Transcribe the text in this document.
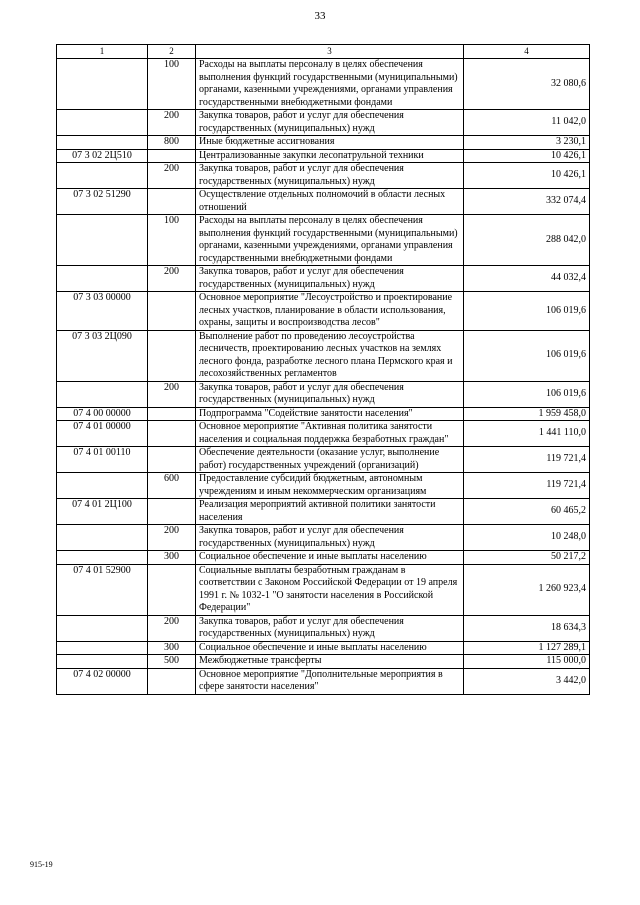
33
1	2	3	4
	100	Расходы на выплаты персоналу в целях обеспечения выполнения функций государственными (муниципальными) органами, казенными учреждениями, органами управления государственными внебюджетными фондами	32 080,6
	200	Закупка товаров, работ и услуг для обеспечения государственных (муниципальных) нужд	11 042,0
	800	Иные бюджетные ассигнования	3 230,1
07 3 02 2Ц510		Централизованные закупки лесопатрульной техники	10 426,1
	200	Закупка товаров, работ и услуг для обеспечения государственных (муниципальных) нужд	10 426,1
07 3 02 51290		Осуществление отдельных полномочий в области лесных отношений	332 074,4
	100	Расходы на выплаты персоналу в целях обеспечения выполнения функций государственными (муниципальными) органами, казенными учреждениями, органами управления государственными внебюджетными фондами	288 042,0
	200	Закупка товаров, работ и услуг для обеспечения государственных (муниципальных) нужд	44 032,4
07 3 03 00000		Основное мероприятие "Лесоустройство и проектирование лесных участков, планирование в области использования, охраны, защиты и воспроизводства лесов"	106 019,6
07 3 03 2Ц090		Выполнение работ по проведению лесоустройства лесничеств, проектированию лесных участков на землях лесного фонда, разработке лесного плана Пермского края и лесохозяйственных регламентов	106 019,6
	200	Закупка товаров, работ и услуг для обеспечения государственных (муниципальных) нужд	106 019,6
07 4 00 00000		Подпрограмма "Содействие занятости населения"	1 959 458,0
07 4 01 00000		Основное мероприятие "Активная политика занятости населения и социальная поддержка безработных граждан"	1 441 110,0
07 4 01 00110		Обеспечение деятельности (оказание услуг, выполнение работ) государственных учреждений (организаций)	119 721,4
	600	Предоставление субсидий бюджетным, автономным учреждениям и иным некоммерческим организациям	119 721,4
07 4 01 2Ц100		Реализация мероприятий активной политики занятости населения	60 465,2
	200	Закупка товаров, работ и услуг для обеспечения государственных (муниципальных) нужд	10 248,0
	300	Социальное обеспечение и иные выплаты населению	50 217,2
07 4 01 52900		Социальные выплаты безработным гражданам в соответствии с Законом Российской Федерации от 19 апреля 1991 г. № 1032-1 "О занятости населения в Российской Федерации"	1 260 923,4
	200	Закупка товаров, работ и услуг для обеспечения государственных (муниципальных) нужд	18 634,3
	300	Социальное обеспечение и иные выплаты населению	1 127 289,1
	500	Межбюджетные трансферты	115 000,0
07 4 02 00000		Основное мероприятие "Дополнительные мероприятия в сфере занятости населения"	3 442,0
915-19
